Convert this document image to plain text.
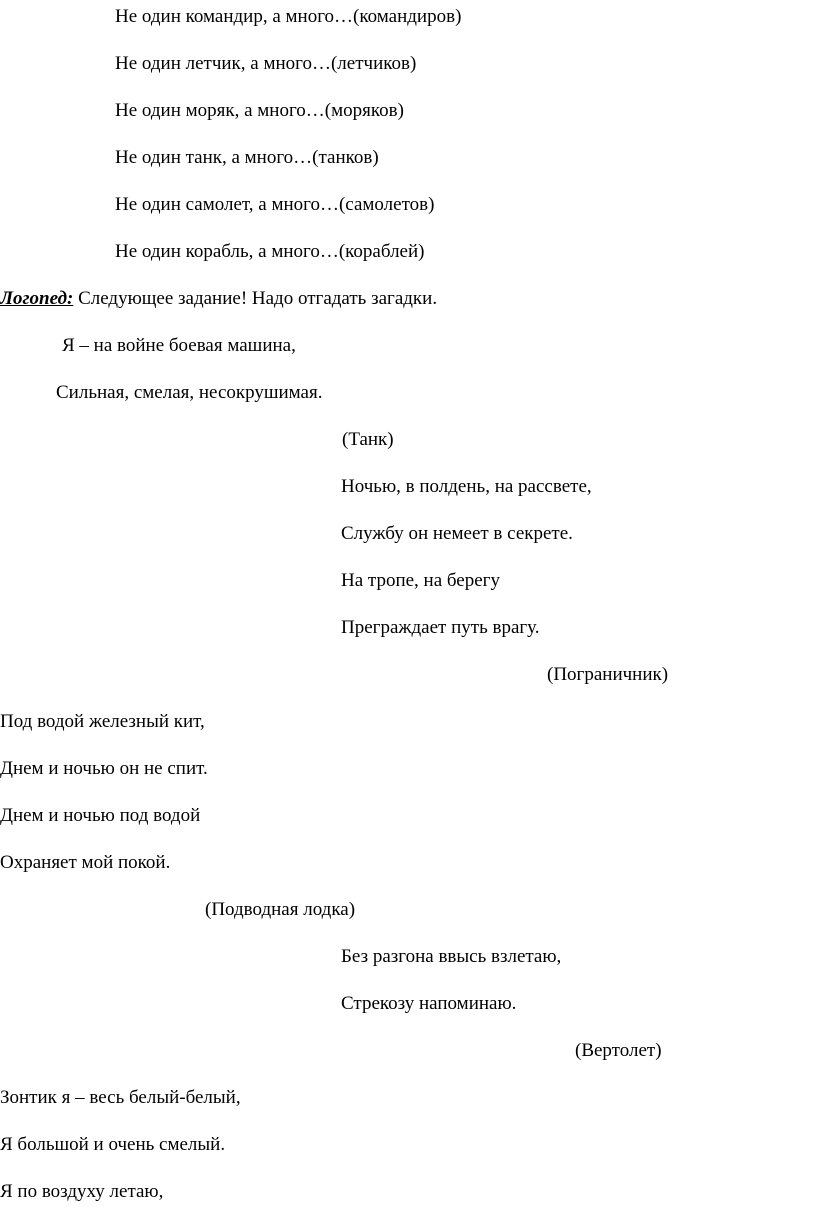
Не один командир, а много…(командиров)
Не один летчик, а много…(летчиков)
Не один моряк, а много…(моряков)
Не один танк, а много…(танков)
Не один самолет, а много…(самолетов)
Не один корабль, а много…(кораблей)
Логопед: Следующее задание! Надо отгадать загадки.
Я – на войне боевая машина,
Сильная, смелая, несокрушимая.
(Танк)
Ночью, в полдень, на рассвете,
Службу он немеет в секрете.
На тропе, на берегу
Преграждает путь врагу.
(Пограничник)
Под водой железный кит,
Днем и ночью он не спит.
Днем и ночью под водой
Охраняет мой покой.
(Подводная лодка)
Без разгона ввысь взлетаю,
Стрекозу напоминаю.
(Вертолет)
Зонтик я – весь белый-белый,
Я большой и очень смелый.
Я по воздуху летаю,
